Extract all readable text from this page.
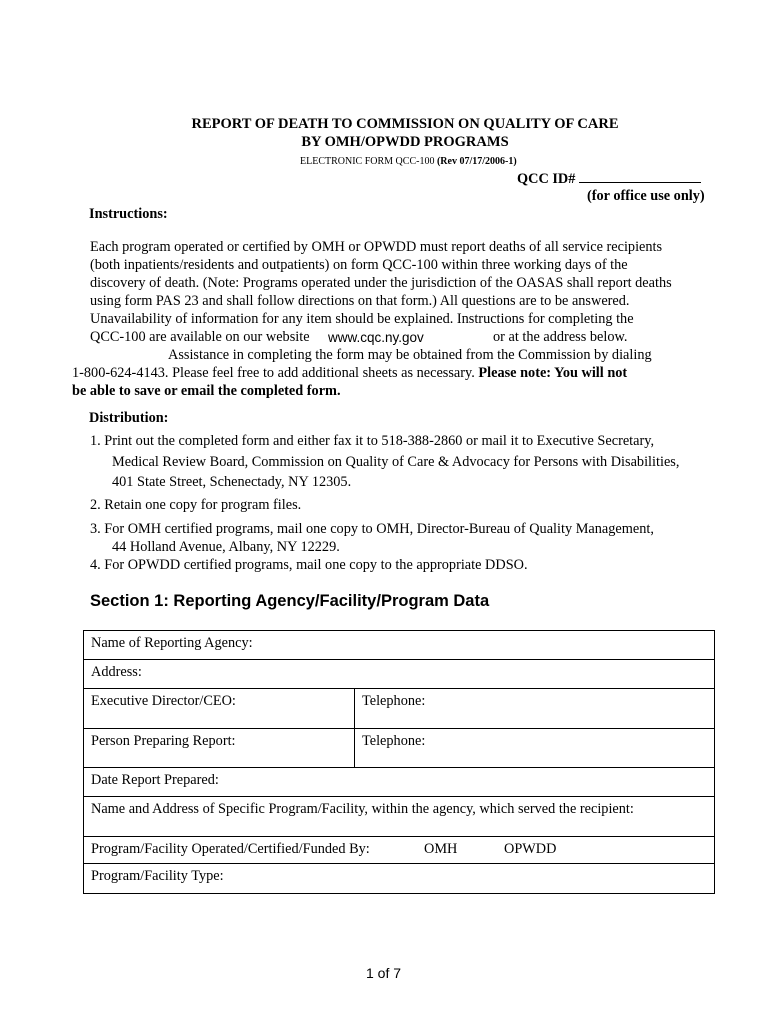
REPORT OF DEATH TO COMMISSION ON QUALITY OF CARE
BY OMH/OPWDD PROGRAMS
ELECTRONIC FORM QCC-100 (Rev 07/17/2006-1)
QCC ID#
(for office use only)
Instructions:
Each program operated or certified by OMH or OPWDD must report deaths of all service recipients
(both inpatients/residents and outpatients) on form QCC-100 within three working days of the
discovery of death. (Note: Programs operated under the jurisdiction of the OASAS shall report deaths
using form PAS 23 and shall follow directions on that form.) All questions are to be answered.
Unavailability of information for any item should be explained. Instructions for completing the
QCC-100 are available on our website www.cqc.ny.gov	or at the address below.
Assistance in completing the form may be obtained from the Commission by dialing
1-800-624-4143. Please feel free to add additional sheets as necessary. Please note: You will not
be able to save or email the completed form.
Distribution:
1. Print out the completed form and either fax it to 518-388-2860 or mail it to Executive Secretary,
Medical Review Board, Commission on Quality of Care & Advocacy for Persons with Disabilities,
401 State Street, Schenectady, NY 12305.
2. Retain one copy for program files.
3. For OMH certified programs, mail one copy to OMH, Director-Bureau of Quality Management,
44 Holland Avenue, Albany, NY 12229.
4. For OPWDD certified programs, mail one copy to the appropriate DDSO.
Section 1: Reporting Agency/Facility/Program Data
Name of Reporting Agency:
Address:
Executive Director/CEO:	Telephone:
Person Preparing Report:	Telephone:
Date Report Prepared:
Name and Address of Specific Program/Facility, within the agency, which served the recipient:
Program/Facility Operated/Certified/Funded By:	OMH	OPWDD
Program/Facility Type:
1 of 7
